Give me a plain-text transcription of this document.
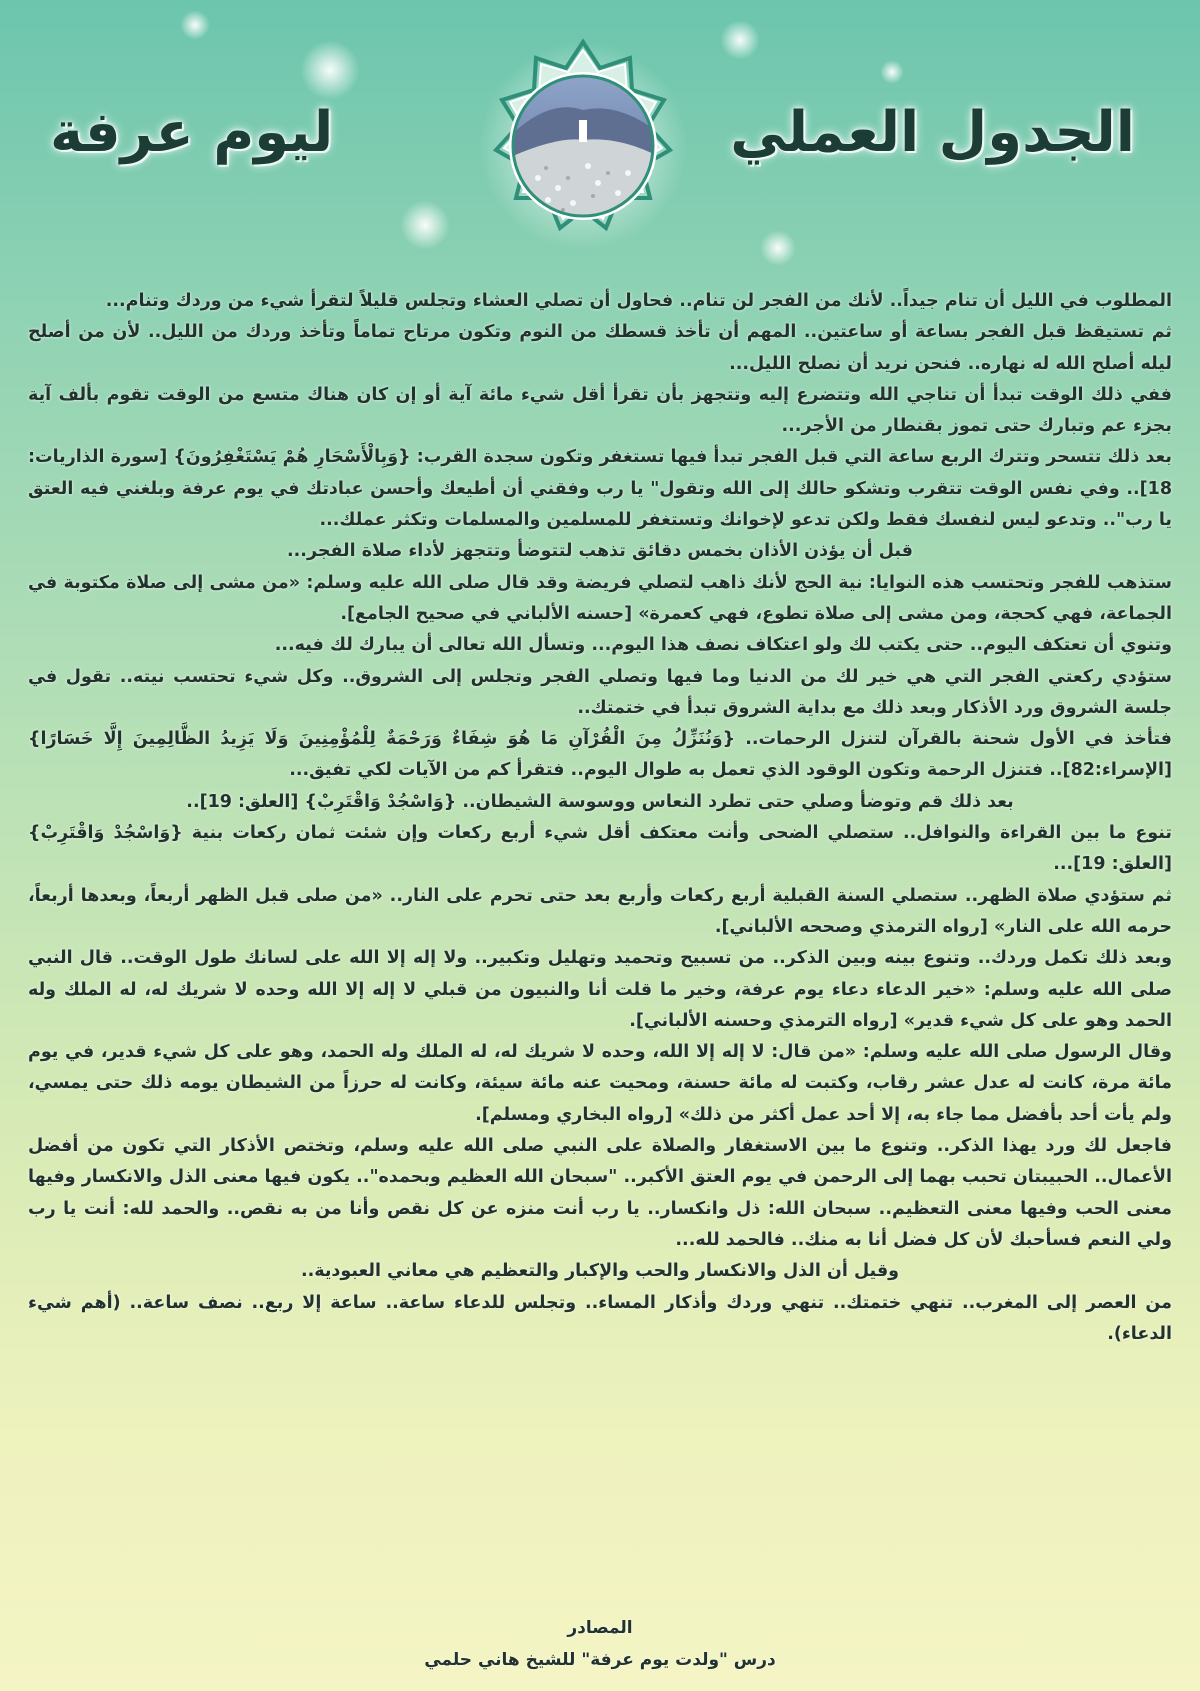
الجدول العملي
ليوم عرفة

المطلوب في الليل أن تنام جيداً.. لأنك من الفجر لن تنام.. فحاول أن تصلي العشاء وتجلس قليلاً لتقرأ شيء من وردك وتنام...

ثم تستيقظ قبل الفجر بساعة أو ساعتين.. المهم أن تأخذ قسطك من النوم وتكون مرتاح تماماً وتأخذ وردك من الليل.. لأن من أصلح ليله أصلح الله له نهاره.. فنحن نريد أن نصلح الليل...

ففي ذلك الوقت تبدأ أن تناجي الله وتتضرع إليه وتتجهز بأن تقرأ أقل شيء مائة آية أو إن كان هناك متسع من الوقت تقوم بألف آية بجزء عم وتبارك حتى تموز بقنطار من الأجر...

بعد ذلك تتسحر وتترك الربع ساعة التي قبل الفجر تبدأ فيها تستغفر وتكون سجدة القرب: {وَبِالْأَسْحَارِ هُمْ يَسْتَغْفِرُونَ} [سورة الذاريات: 18].. وفي نفس الوقت تتقرب وتشكو حالك إلى الله وتقول" يا رب وفقني أن أطيعك وأحسن عبادتك في يوم عرفة وبلغني فيه العتق يا رب".. وتدعو ليس لنفسك فقط ولكن تدعو لإخوانك وتستغفر للمسلمين والمسلمات وتكثر عملك...

قبل أن يؤذن الأذان بخمس دقائق تذهب لتتوضأ وتتجهز لأداء صلاة الفجر...

ستذهب للفجر وتحتسب هذه النوايا: نية الحج لأنك ذاهب لتصلي فريضة وقد قال صلى الله عليه وسلم: «من مشى إلى صلاة مكتوبة في الجماعة، فهي كحجة، ومن مشى إلى صلاة تطوع، فهي كعمرة» [حسنه الألباني في صحيح الجامع].

وتنوي أن تعتكف اليوم.. حتى يكتب لك ولو اعتكاف نصف هذا اليوم... وتسأل الله تعالى أن يبارك لك فيه...

ستؤدي ركعتي الفجر التي هي خير لك من الدنيا وما فيها وتصلي الفجر وتجلس إلى الشروق.. وكل شيء تحتسب نيته.. تقول في جلسة الشروق ورد الأذكار وبعد ذلك مع بداية الشروق تبدأ في ختمتك..

فتأخذ في الأول شحنة بالقرآن لتنزل الرحمات.. {وَنُنَزِّلُ مِنَ الْقُرْآنِ مَا هُوَ شِفَاءٌ وَرَحْمَةٌ لِلْمُؤْمِنِينَ وَلَا يَزِيدُ الظَّالِمِينَ إِلَّا خَسَارًا} [الإسراء:82].. فتنزل الرحمة وتكون الوقود الذي تعمل به طوال اليوم.. فتقرأ كم من الآيات لكي تفيق...

بعد ذلك قم وتوضأ وصلي حتى تطرد النعاس ووسوسة الشيطان.. {وَاسْجُدْ وَاقْتَرِبْ} [العلق: 19]..

تنوع ما بين القراءة والنوافل.. ستصلي الضحى وأنت معتكف أقل شيء أربع ركعات وإن شئت ثمان ركعات بنية {وَاسْجُدْ وَاقْتَرِبْ} [العلق: 19]...

ثم ستؤدي صلاة الظهر.. ستصلي السنة القبلية أربع ركعات وأربع بعد حتى تحرم على النار.. «من صلى قبل الظهر أربعاً، وبعدها أربعاً، حرمه الله على النار» [رواه الترمذي وصححه الألباني].

وبعد ذلك تكمل وردك.. وتنوع بينه وبين الذكر.. من تسبيح وتحميد وتهليل وتكبير.. ولا إله إلا الله على لسانك طول الوقت.. قال النبي صلى الله عليه وسلم: «خير الدعاء دعاء يوم عرفة، وخير ما قلت أنا والنبيون من قبلي لا إله إلا الله وحده لا شريك له، له الملك وله الحمد وهو على كل شيء قدير» [رواه الترمذي وحسنه الألباني].

وقال الرسول صلى الله عليه وسلم: «من قال: لا إله إلا الله، وحده لا شريك له، له الملك وله الحمد، وهو على كل شيء قدير، في يوم مائة مرة، كانت له عدل عشر رقاب، وكتبت له مائة حسنة، ومحيت عنه مائة سيئة، وكانت له حرزاً من الشيطان يومه ذلك حتى يمسي، ولم يأت أحد بأفضل مما جاء به، إلا أحد عمل أكثر من ذلك» [رواه البخاري ومسلم].

فاجعل لك ورد يهذا الذكر.. وتنوع ما بين الاستغفار والصلاة على النبي صلى الله عليه وسلم، وتختص الأذكار التي تكون من أفضل الأعمال.. الحبيبتان تحبب بهما إلى الرحمن في يوم العتق الأكبر.. "سبحان الله العظيم وبحمده".. يكون فيها معنى الذل والانكسار وفيها معنى الحب وفيها معنى التعظيم.. سبحان الله: ذل وانكسار.. يا رب أنت منزه عن كل نقص وأنا من به نقص.. والحمد لله: أنت يا رب ولي النعم فسأحبك لأن كل فضل أنا به منك.. فالحمد لله...

وقيل أن الذل والانكسار والحب والإكبار والتعظيم هي معاني العبودية..

من العصر إلى المغرب.. تنهي ختمتك.. تنهي وردك وأذكار المساء.. وتجلس للدعاء ساعة.. ساعة إلا ربع.. نصف ساعة.. (أهم شيء الدعاء).

المصادر

درس "ولدت يوم عرفة" للشيخ هاني حلمي
